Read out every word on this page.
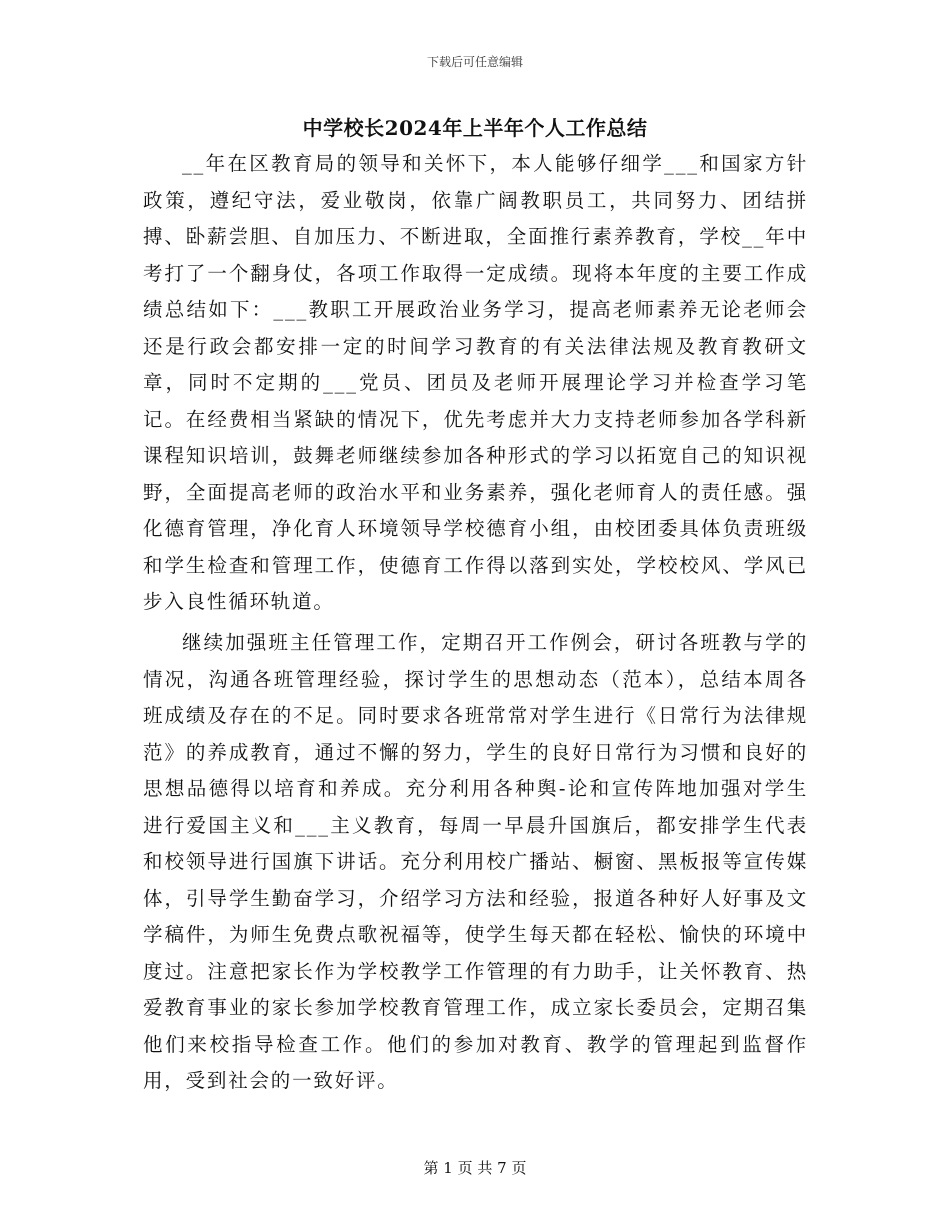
下载后可任意编辑
中学校长2024年上半年个人工作总结

__年在区教育局的领导和关怀下，本人能够仔细学___和国家方针政策，遵纪守法，爱业敬岗，依靠广阔教职员工，共同努力、团结拼搏、卧薪尝胆、自加压力、不断进取，全面推行素养教育，学校__年中考打了一个翻身仗，各项工作取得一定成绩。现将本年度的主要工作成绩总结如下：___教职工开展政治业务学习，提高老师素养无论老师会还是行政会都安排一定的时间学习教育的有关法律法规及教育教研文章，同时不定期的___党员、团员及老师开展理论学习并检查学习笔记。在经费相当紧缺的情况下，优先考虑并大力支持老师参加各学科新课程知识培训，鼓舞老师继续参加各种形式的学习以拓宽自己的知识视野，全面提高老师的政治水平和业务素养，强化老师育人的责任感。强化德育管理，净化育人环境领导学校德育小组，由校团委具体负责班级和学生检查和管理工作，使德育工作得以落到实处，学校校风、学风已步入良性循环轨道。

继续加强班主任管理工作，定期召开工作例会，研讨各班教与学的情况，沟通各班管理经验，探讨学生的思想动态（范本），总结本周各班成绩及存在的不足。同时要求各班常常对学生进行《日常行为法律规范》的养成教育，通过不懈的努力，学生的良好日常行为习惯和良好的思想品德得以培育和养成。充分利用各种舆-论和宣传阵地加强对学生进行爱国主义和___主义教育，每周一早晨升国旗后，都安排学生代表和校领导进行国旗下讲话。充分利用校广播站、橱窗、黑板报等宣传媒体，引导学生勤奋学习，介绍学习方法和经验，报道各种好人好事及文学稿件，为师生免费点歌祝福等，使学生每天都在轻松、愉快的环境中度过。注意把家长作为学校教学工作管理的有力助手，让关怀教育、热爱教育事业的家长参加学校教育管理工作，成立家长委员会，定期召集他们来校指导检查工作。他们的参加对教育、教学的管理起到监督作用，受到社会的一致好评。

第 1 页 共 7 页
